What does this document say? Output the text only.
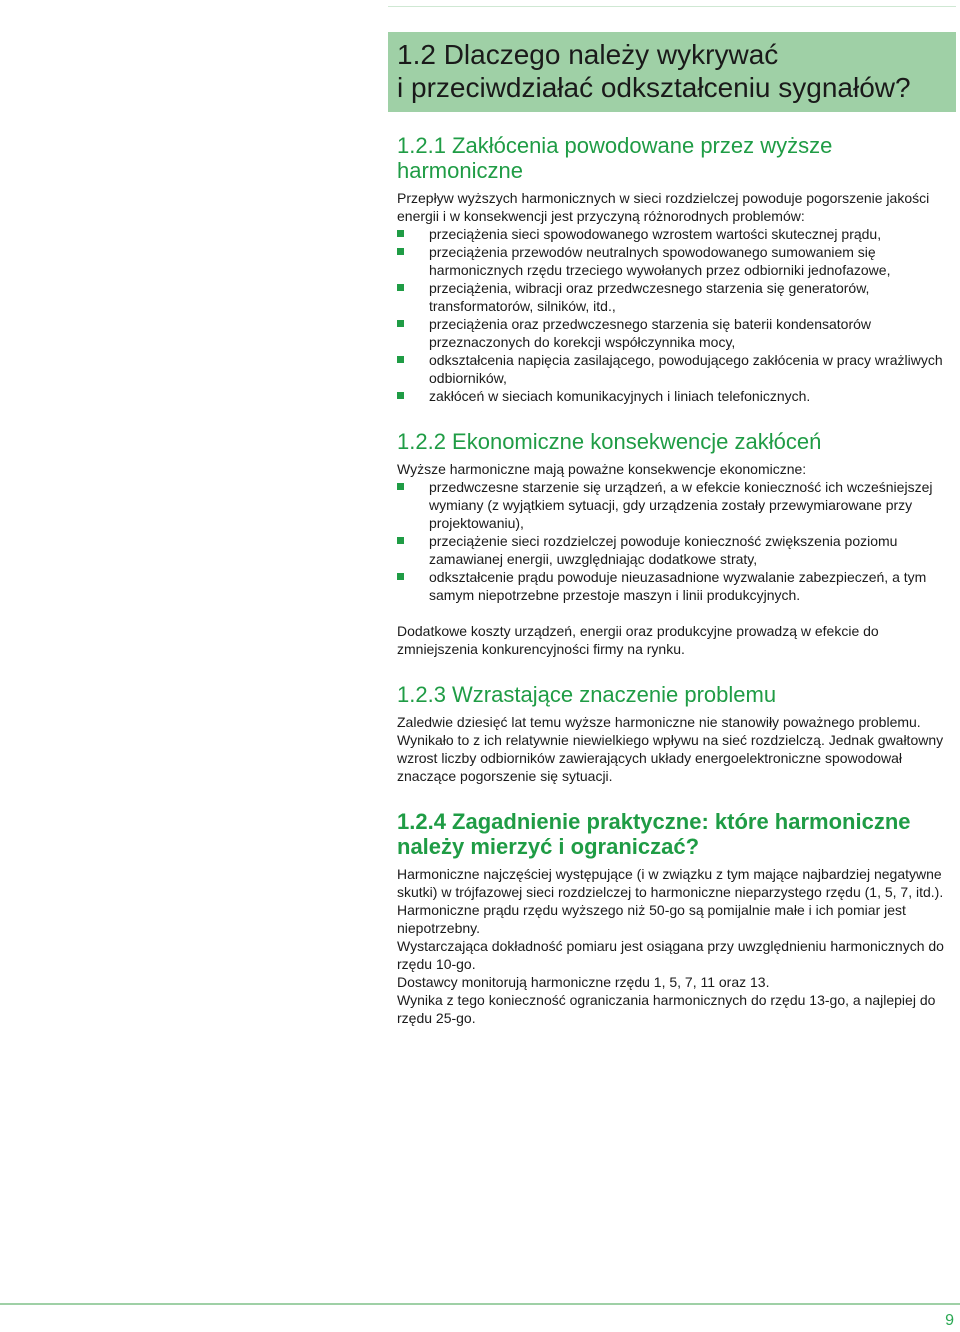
1.2 Dlaczego należy wykrywać
i przeciwdziałać odkształceniu sygnałów?
1.2.1 Zakłócenia powodowane przez wyższe
harmoniczne

Przepływ wyższych harmonicznych w sieci rozdzielczej powoduje pogorszenie jakości energii i w konsekwencji jest przyczyną różnorodnych problemów:

przeciążenia sieci spowodowanego wzrostem wartości skutecznej prądu,
przeciążenia przewodów neutralnych spowodowanego sumowaniem się harmonicznych rzędu trzeciego wywołanych przez odbiorniki jednofazowe,
przeciążenia, wibracji oraz przedwczesnego starzenia się generatorów, transformatorów, silników, itd.,
przeciążenia oraz przedwczesnego starzenia się baterii kondensatorów przeznaczonych do korekcji współczynnika mocy,
odkształcenia napięcia zasilającego, powodującego zakłócenia w pracy wrażliwych odbiorników,
zakłóceń w sieciach komunikacyjnych i liniach telefonicznych.
1.2.2 Ekonomiczne konsekwencje zakłóceń

Wyższe harmoniczne mają poważne konsekwencje ekonomiczne:

przedwczesne starzenie się urządzeń, a w efekcie konieczność ich wcześniejszej wymiany (z wyjątkiem sytuacji, gdy urządzenia zostały przewymiarowane przy projektowaniu),
przeciążenie sieci rozdzielczej powoduje konieczność zwiększenia poziomu zamawianej energii, uwzględniając dodatkowe straty,
odkształcenie prądu powoduje nieuzasadnione wyzwalanie zabezpieczeń, a tym samym niepotrzebne przestoje maszyn i linii produkcyjnych.

Dodatkowe koszty urządzeń, energii oraz produkcyjne prowadzą w efekcie do zmniejszenia konkurencyjności firmy na rynku.

1.2.3 Wzrastające znaczenie problemu

Zaledwie dziesięć lat temu wyższe harmoniczne nie stanowiły poważnego problemu. Wynikało to z ich relatywnie niewielkiego wpływu na sieć rozdzielczą. Jednak gwałtowny wzrost liczby odbiorników zawierających układy energoelektroniczne spowodował znaczące pogorszenie się sytuacji.

1.2.4 Zagadnienie praktyczne: które harmoniczne
należy mierzyć i ograniczać?

Harmoniczne najczęściej występujące (i w związku z tym mające najbardziej negatywne skutki) w trójfazowej sieci rozdzielczej to harmoniczne nieparzystego rzędu (1, 5, 7, itd.).

Harmoniczne prądu rzędu wyższego niż 50-go są pomijalnie małe i ich pomiar jest niepotrzebny.

Wystarczająca dokładność pomiaru jest osiągana przy uwzględnieniu harmonicznych do rzędu 10-go.

Dostawcy monitorują harmoniczne rzędu 1, 5, 7, 11 oraz 13.

Wynika z tego konieczność ograniczania harmonicznych do rzędu 13-go, a najlepiej do rzędu 25-go.

9
